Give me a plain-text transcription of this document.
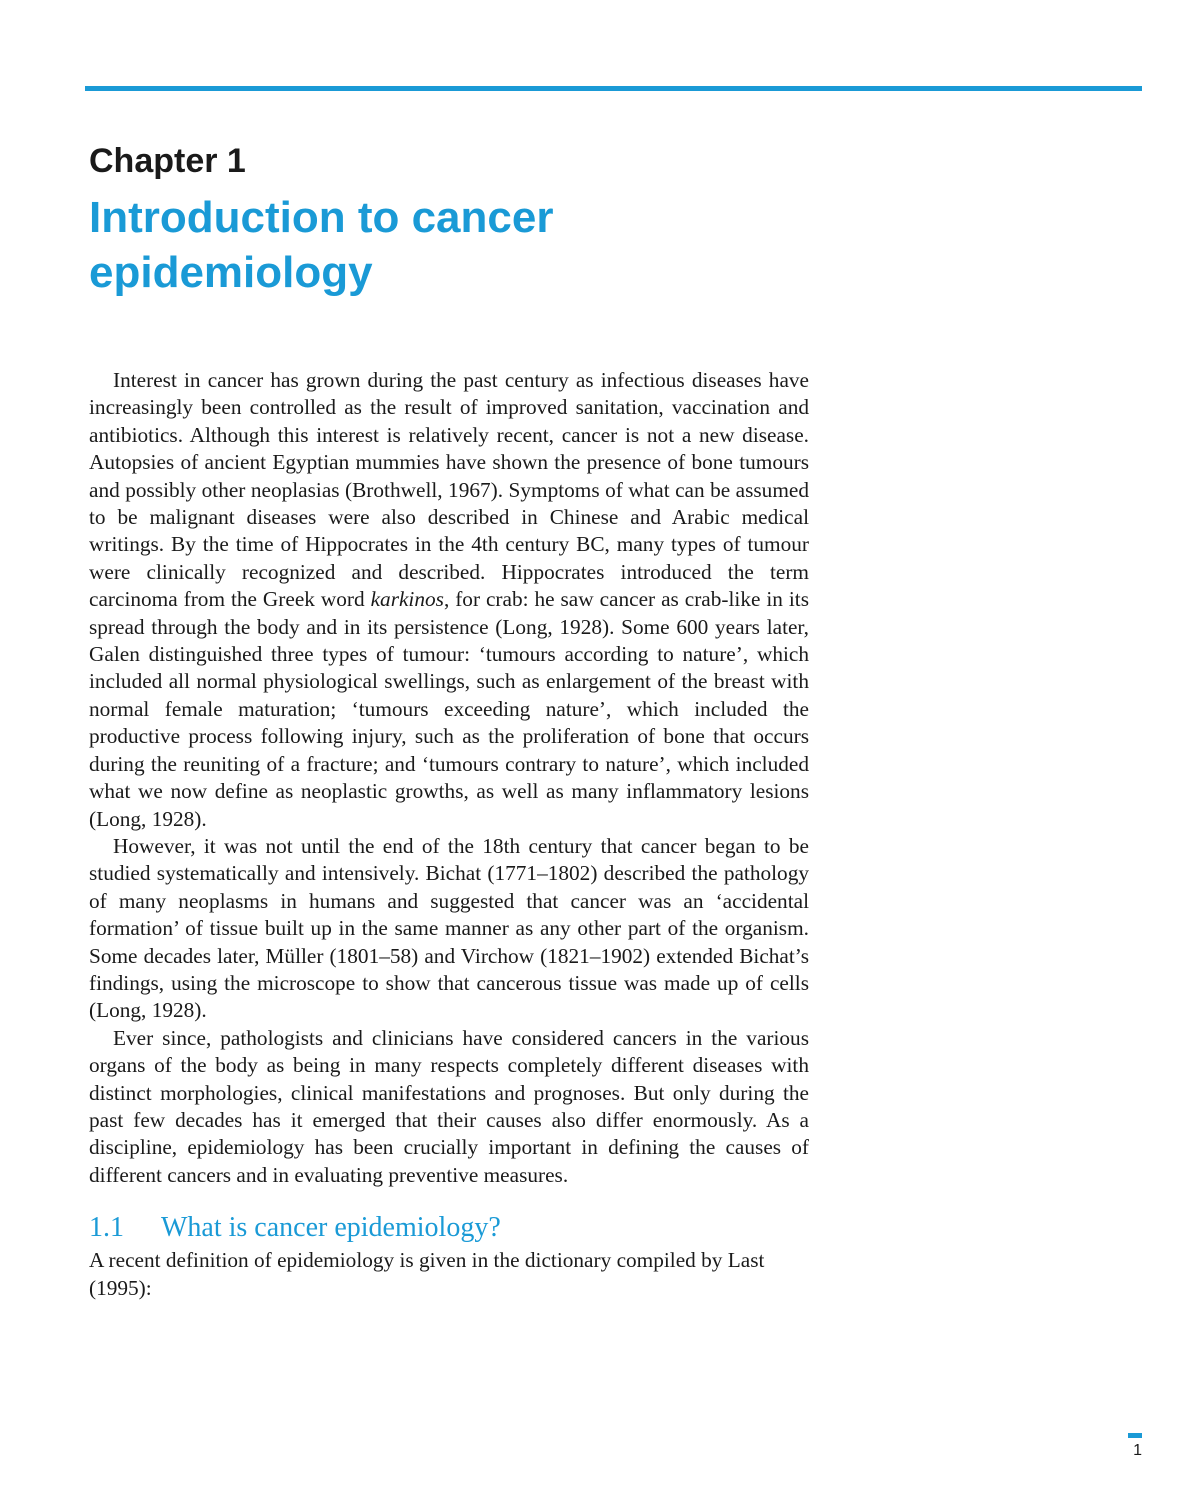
Chapter 1
Introduction to cancer epidemiology

Interest in cancer has grown during the past century as infectious diseases have increasingly been controlled as the result of improved sanitation, vaccination and antibiotics. Although this interest is relatively recent, cancer is not a new disease. Autopsies of ancient Egyptian mummies have shown the presence of bone tumours and possibly other neoplasias (Brothwell, 1967). Symptoms of what can be assumed to be malignant diseases were also described in Chinese and Arabic medical writings. By the time of Hippocrates in the 4th century BC, many types of tumour were clinically recognized and described. Hippocrates introduced the term carcinoma from the Greek word karkinos, for crab: he saw cancer as crab-like in its spread through the body and in its persistence (Long, 1928). Some 600 years later, Galen distinguished three types of tumour: ‘tumours according to nature’, which included all normal physiological swellings, such as enlargement of the breast with normal female maturation; ‘tumours exceeding nature’, which included the productive process following injury, such as the proliferation of bone that occurs during the reuniting of a fracture; and ‘tumours contrary to nature’, which included what we now define as neoplastic growths, as well as many inflammatory lesions (Long, 1928).

However, it was not until the end of the 18th century that cancer began to be studied systematically and intensively. Bichat (1771–1802) described the pathology of many neoplasms in humans and suggested that cancer was an ‘accidental formation’ of tissue built up in the same manner as any other part of the organism. Some decades later, Müller (1801–58) and Virchow (1821–1902) extended Bichat’s findings, using the microscope to show that cancerous tissue was made up of cells (Long, 1928).

Ever since, pathologists and clinicians have considered cancers in the various organs of the body as being in many respects completely different diseases with distinct morphologies, clinical manifestations and prognoses. But only during the past few decades has it emerged that their causes also differ enormously. As a discipline, epidemiology has been crucially important in defining the causes of different cancers and in evaluating preventive measures.

1.1 What is cancer epidemiology?

A recent definition of epidemiology is given in the dictionary compiled by Last (1995):

1
